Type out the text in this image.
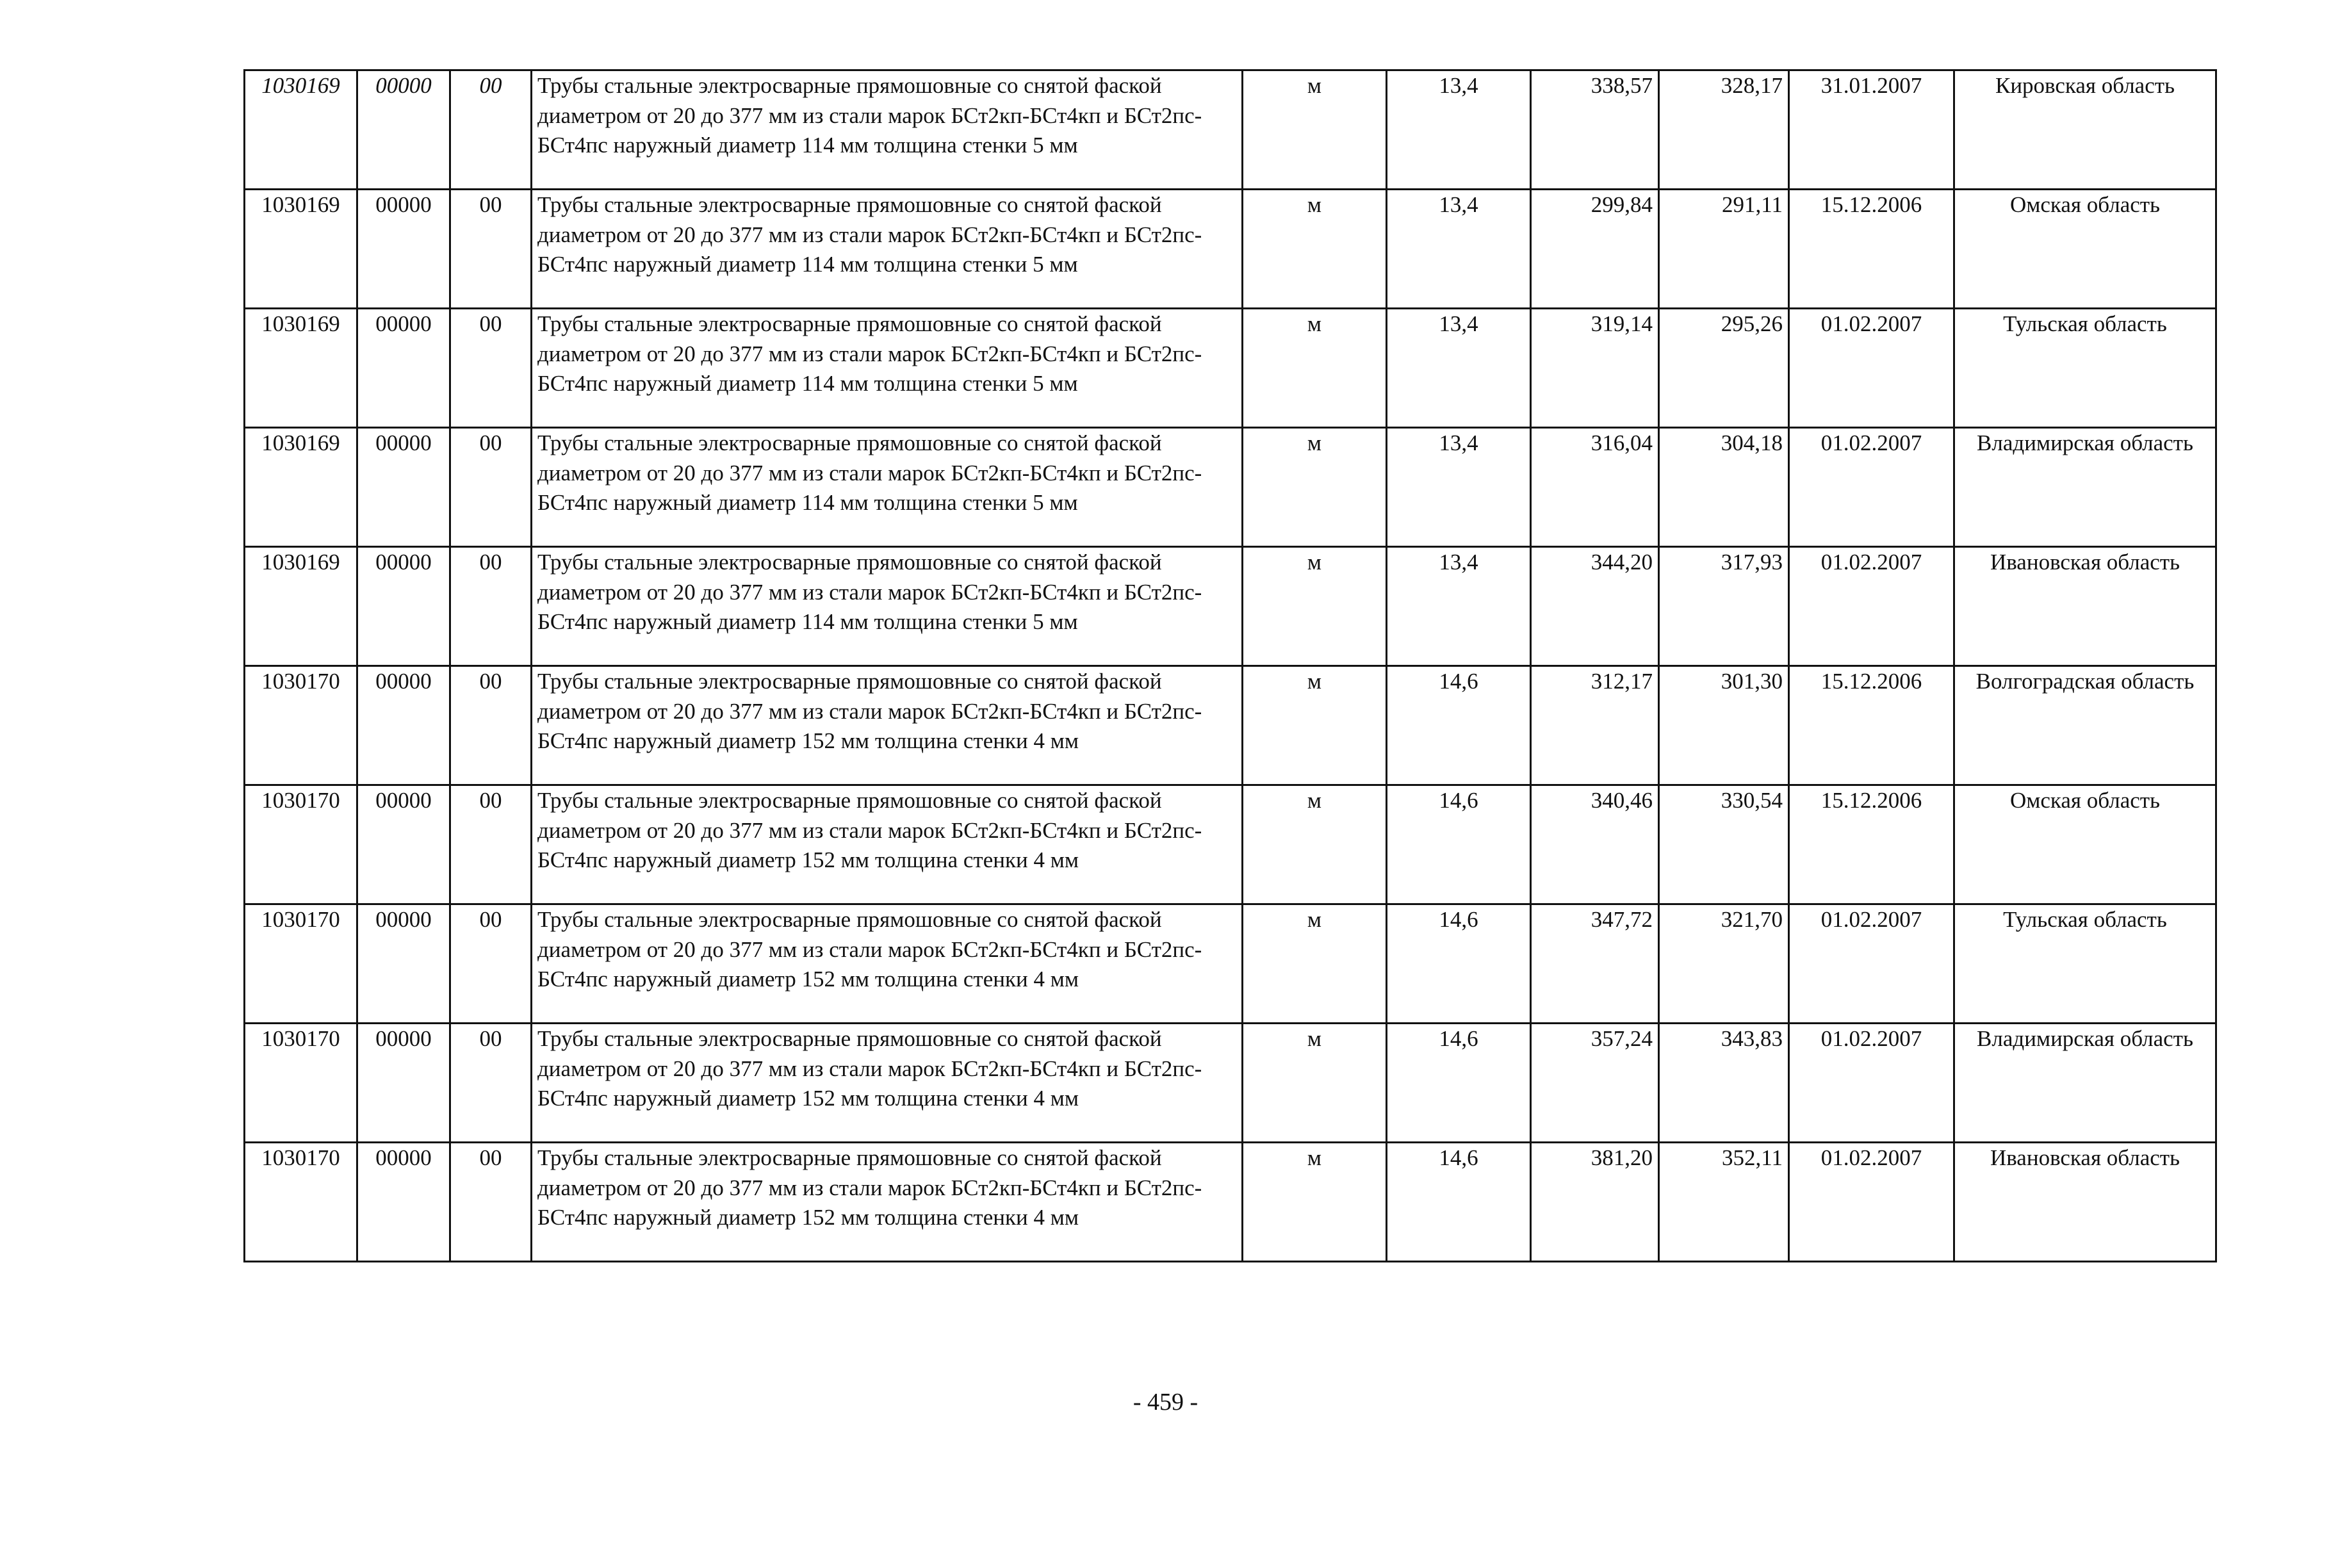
1030169	00000	00	Трубы стальные электросварные прямошовные со снятой фаской диаметром от 20 до 377 мм из стали марок БСт2кп-БСт4кп и БСт2пс-БСт4пс наружный диаметр 114 мм толщина стенки 5 мм	м	13,4	338,57	328,17	31.01.2007	Кировская область
1030169	00000	00	Трубы стальные электросварные прямошовные со снятой фаской диаметром от 20 до 377 мм из стали марок БСт2кп-БСт4кп и БСт2пс-БСт4пс наружный диаметр 114 мм толщина стенки 5 мм	м	13,4	299,84	291,11	15.12.2006	Омская область
1030169	00000	00	Трубы стальные электросварные прямошовные со снятой фаской диаметром от 20 до 377 мм из стали марок БСт2кп-БСт4кп и БСт2пс-БСт4пс наружный диаметр 114 мм толщина стенки 5 мм	м	13,4	319,14	295,26	01.02.2007	Тульская область
1030169	00000	00	Трубы стальные электросварные прямошовные со снятой фаской диаметром от 20 до 377 мм из стали марок БСт2кп-БСт4кп и БСт2пс-БСт4пс наружный диаметр 114 мм толщина стенки 5 мм	м	13,4	316,04	304,18	01.02.2007	Владимирская область
1030169	00000	00	Трубы стальные электросварные прямошовные со снятой фаской диаметром от 20 до 377 мм из стали марок БСт2кп-БСт4кп и БСт2пс-БСт4пс наружный диаметр 114 мм толщина стенки 5 мм	м	13,4	344,20	317,93	01.02.2007	Ивановская область
1030170	00000	00	Трубы стальные электросварные прямошовные со снятой фаской диаметром от 20 до 377 мм из стали марок БСт2кп-БСт4кп и БСт2пс-БСт4пс наружный диаметр 152 мм толщина стенки 4 мм	м	14,6	312,17	301,30	15.12.2006	Волгоградская область
1030170	00000	00	Трубы стальные электросварные прямошовные со снятой фаской диаметром от 20 до 377 мм из стали марок БСт2кп-БСт4кп и БСт2пс-БСт4пс наружный диаметр 152 мм толщина стенки 4 мм	м	14,6	340,46	330,54	15.12.2006	Омская область
1030170	00000	00	Трубы стальные электросварные прямошовные со снятой фаской диаметром от 20 до 377 мм из стали марок БСт2кп-БСт4кп и БСт2пс-БСт4пс наружный диаметр 152 мм толщина стенки 4 мм	м	14,6	347,72	321,70	01.02.2007	Тульская область
1030170	00000	00	Трубы стальные электросварные прямошовные со снятой фаской диаметром от 20 до 377 мм из стали марок БСт2кп-БСт4кп и БСт2пс-БСт4пс наружный диаметр 152 мм толщина стенки 4 мм	м	14,6	357,24	343,83	01.02.2007	Владимирская область
1030170	00000	00	Трубы стальные электросварные прямошовные со снятой фаской диаметром от 20 до 377 мм из стали марок БСт2кп-БСт4кп и БСт2пс-БСт4пс наружный диаметр 152 мм толщина стенки 4 мм	м	14,6	381,20	352,11	01.02.2007	Ивановская область
- 459 -
